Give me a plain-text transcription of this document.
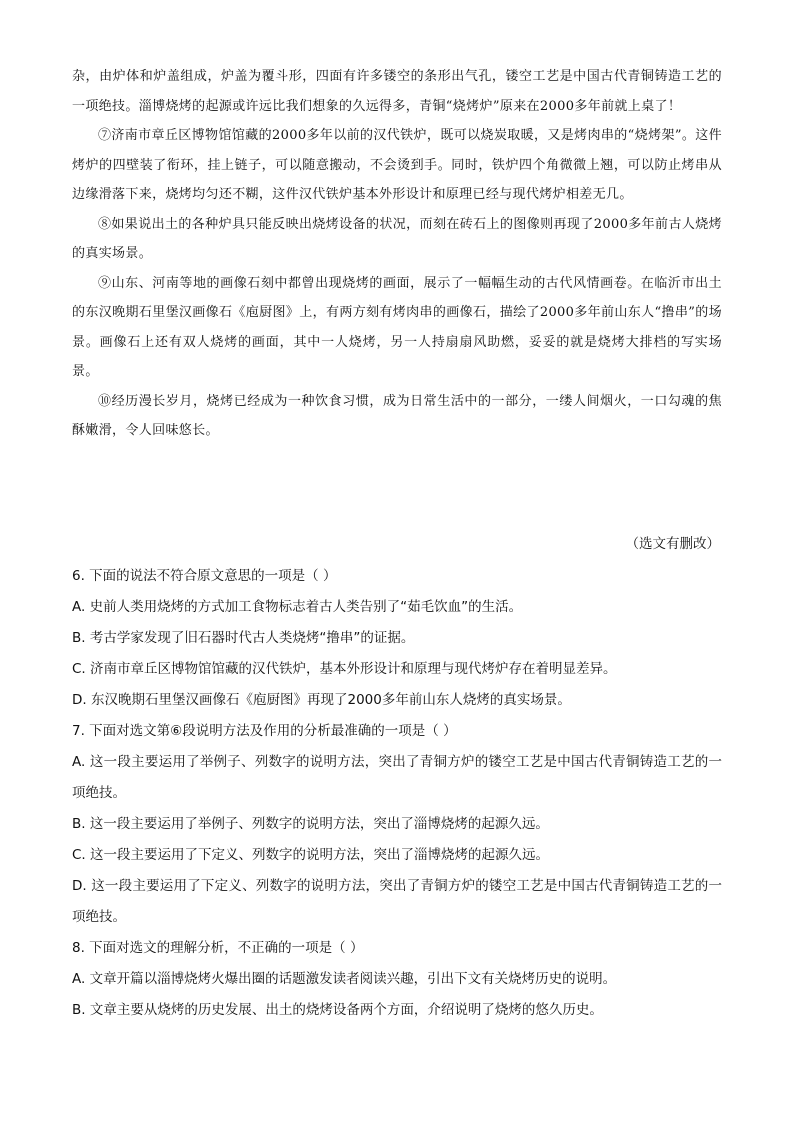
杂，由炉体和炉盖组成，炉盖为覆斗形，四面有许多镂空的条形出气孔，镂空工艺是中国古代青铜铸造工艺的一项绝技。淄博烧烤的起源或许远比我们想象的久远得多，青铜“烧烤炉”原来在2000多年前就上桌了！

⑦济南市章丘区博物馆馆藏的2000多年以前的汉代铁炉，既可以烧炭取暖，又是烤肉串的“烧烤架”。这件烤炉的四壁装了衔环，挂上链子，可以随意搬动，不会烫到手。同时，铁炉四个角微微上翘，可以防止烤串从边缘滑落下来，烧烤均匀还不糊，这件汉代铁炉基本外形设计和原理已经与现代烤炉相差无几。

⑧如果说出土的各种炉具只能反映出烧烤设备的状况，而刻在砖石上的图像则再现了2000多年前古人烧烤的真实场景。

⑨山东、河南等地的画像石刻中都曾出现烧烤的画面，展示了一幅幅生动的古代风情画卷。在临沂市出土的东汉晚期石里堡汉画像石《庖厨图》上，有两方刻有烤肉串的画像石，描绘了2000多年前山东人“撸串”的场景。画像石上还有双人烧烤的画面，其中一人烧烤，另一人持扇扇风助燃，妥妥的就是烧烤大排档的写实场景。

⑩经历漫长岁月，烧烤已经成为一种饮食习惯，成为日常生活中的一部分，一缕人间烟火，一口勾魂的焦酥嫩滑，令人回味悠长。

（选文有删改）

6. 下面的说法不符合原文意思的一项是（ ）

A. 史前人类用烧烤的方式加工食物标志着古人类告别了“茹毛饮血”的生活。

B. 考古学家发现了旧石器时代古人类烧烤“撸串”的证据。

C. 济南市章丘区博物馆馆藏的汉代铁炉，基本外形设计和原理与现代烤炉存在着明显差异。

D. 东汉晚期石里堡汉画像石《庖厨图》再现了2000多年前山东人烧烤的真实场景。

7. 下面对选文第⑥段说明方法及作用的分析最准确的一项是（ ）

A. 这一段主要运用了举例子、列数字的说明方法，突出了青铜方炉的镂空工艺是中国古代青铜铸造工艺的一项绝技。

B. 这一段主要运用了举例子、列数字的说明方法，突出了淄博烧烤的起源久远。

C. 这一段主要运用了下定义、列数字的说明方法，突出了淄博烧烤的起源久远。

D. 这一段主要运用了下定义、列数字的说明方法，突出了青铜方炉的镂空工艺是中国古代青铜铸造工艺的一项绝技。

8. 下面对选文的理解分析，不正确的一项是（ ）

A. 文章开篇以淄博烧烤火爆出圈的话题激发读者阅读兴趣，引出下文有关烧烤历史的说明。

B. 文章主要从烧烤的历史发展、出土的烧烤设备两个方面，介绍说明了烧烤的悠久历史。
